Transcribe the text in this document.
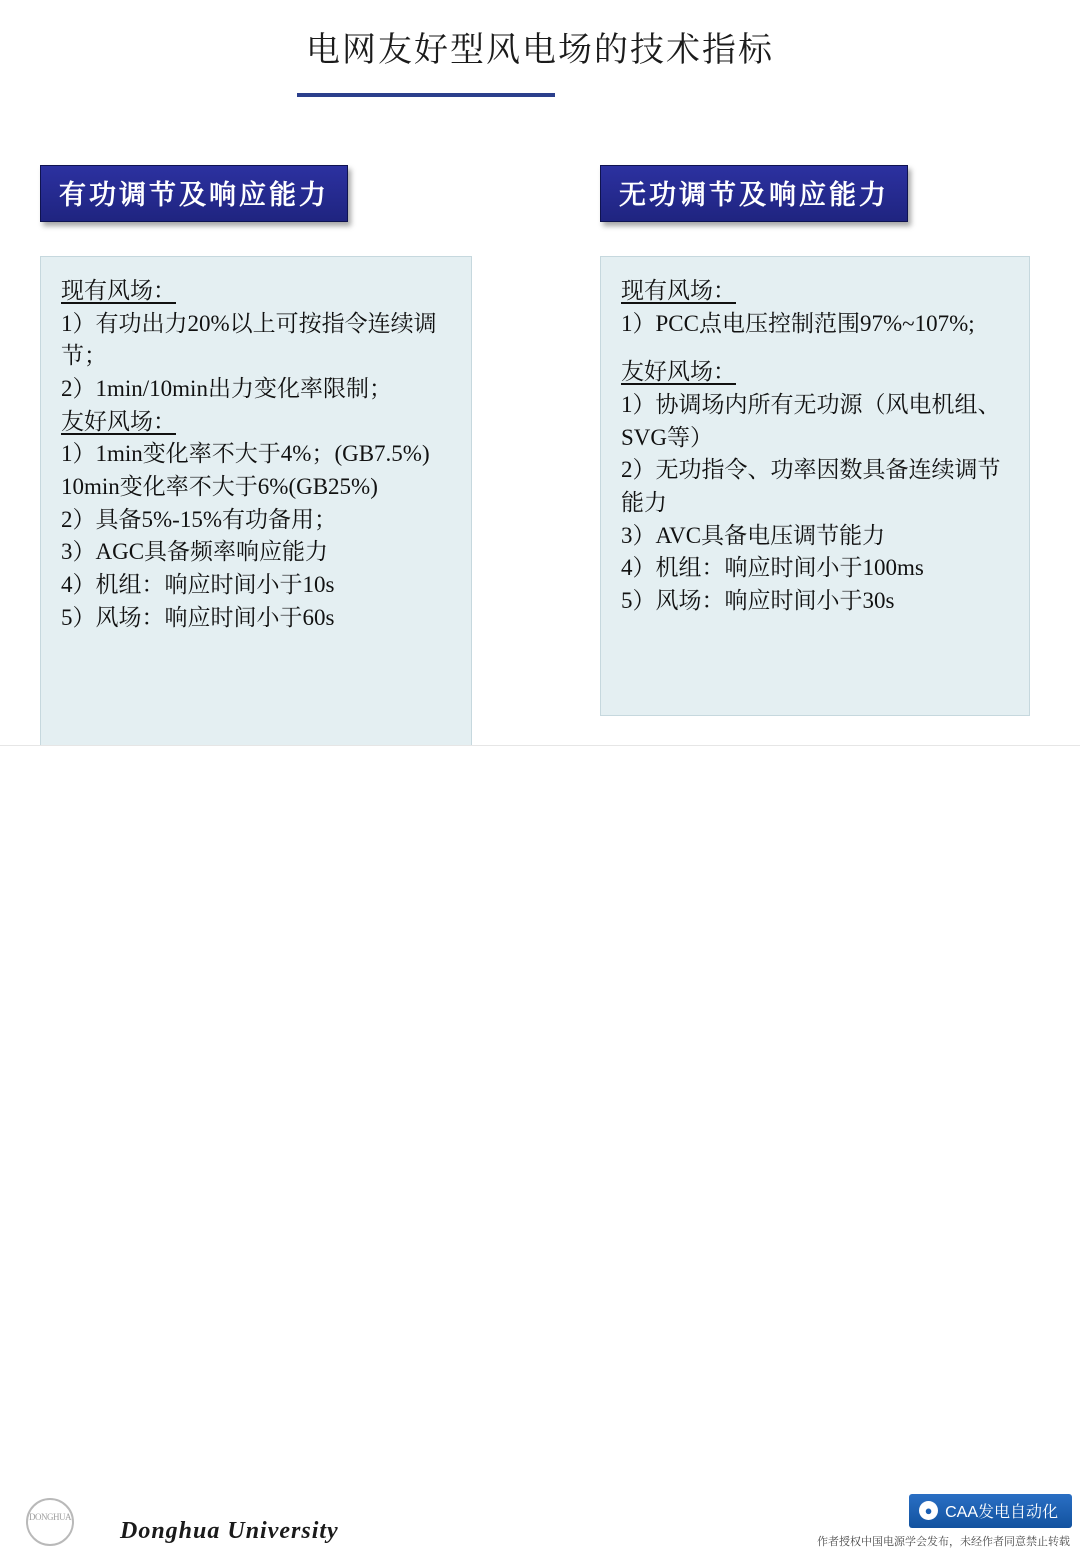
电网友好型风电场的技术指标
有功调节及响应能力
现有风场：
1）有功出力20%以上可按指令连续调节；
2）1min/10min出力变化率限制；
友好风场：
1）1min变化率不大于4%；(GB7.5%) 10min变化率不大于6%(GB25%)
2）具备5%-15%有功备用；
3）AGC具备频率响应能力
4）机组：响应时间小于10s
5）风场：响应时间小于60s
无功调节及响应能力
现有风场：
1）PCC点电压控制范围97%~107%;
友好风场：
1）协调场内所有无功源（风电机组、SVG等）
2）无功指令、功率因数具备连续调节能力
3）AVC具备电压调节能力
4）机组：响应时间小于100ms
5）风场：响应时间小于30s
DONGHUA
Donghua University
● CAA发电自动化
作者授权中国电源学会发布，未经作者同意禁止转载
